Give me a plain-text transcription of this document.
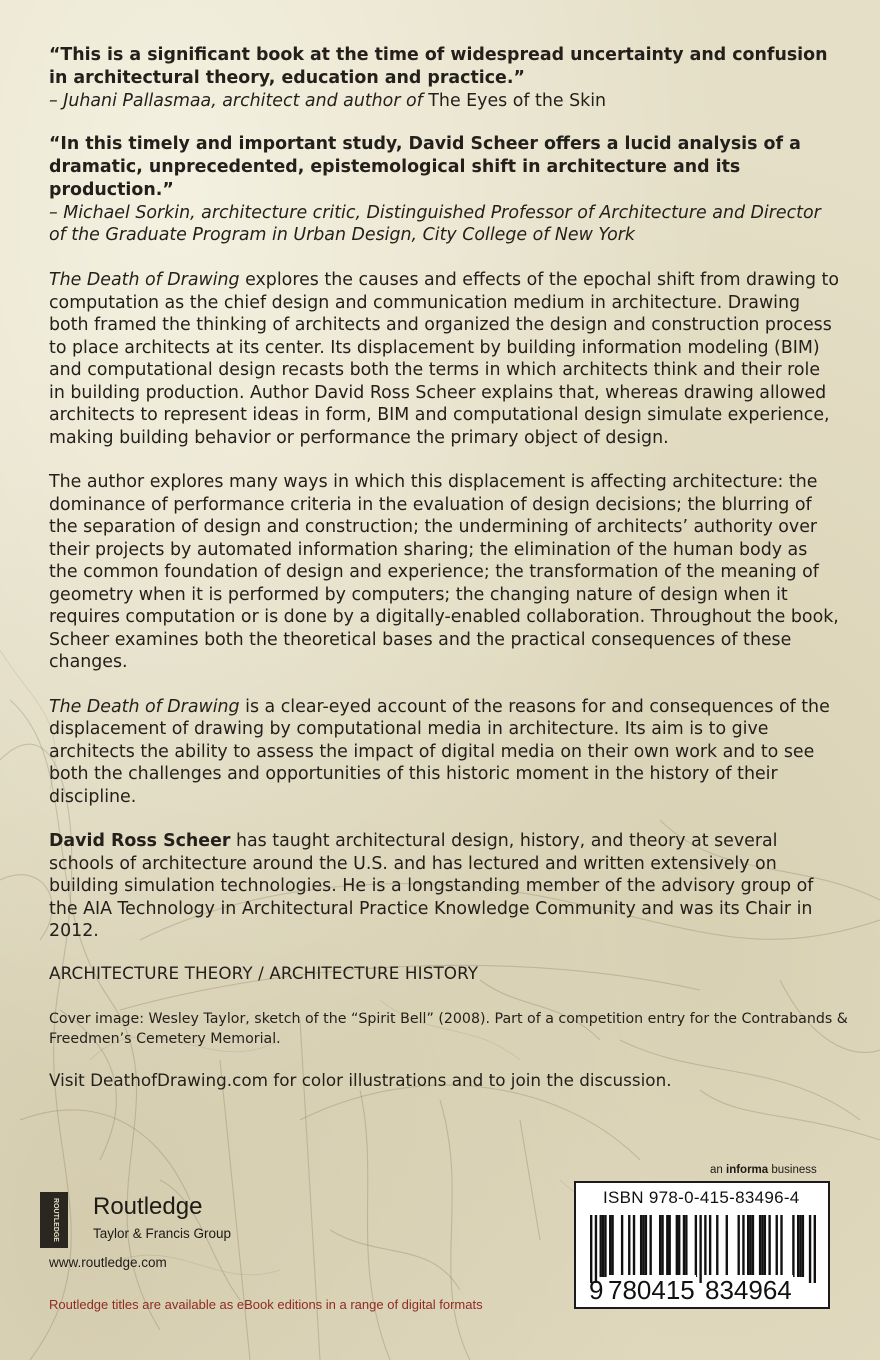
“This is a significant book at the time of widespread uncertainty and confusion in architectural theory, education and practice.”

– Juhani Pallasmaa, architect and author of The Eyes of the Skin

“In this timely and important study, David Scheer offers a lucid analysis of a dramatic, unprecedented, epistemological shift in architecture and its production.”

– Michael Sorkin, architecture critic, Distinguished Professor of Architecture and Director of the Graduate Program in Urban Design, City College of New York

The Death of Drawing explores the causes and effects of the epochal shift from drawing to computation as the chief design and communication medium in architecture. Drawing both framed the thinking of architects and organized the design and construction process to place architects at its center. Its displacement by building information modeling (BIM) and computational design recasts both the terms in which architects think and their role in building production. Author David Ross Scheer explains that, whereas drawing allowed architects to represent ideas in form, BIM and computational design simulate experience, making building behavior or performance the primary object of design.

The author explores many ways in which this displacement is affecting architecture: the dominance of performance criteria in the evaluation of design decisions; the blurring of the separation of design and construction; the undermining of architects’ authority over their projects by automated information sharing; the elimination of the human body as the common foundation of design and experience; the transformation of the meaning of geometry when it is performed by computers; the changing nature of design when it requires computation or is done by a digitally-enabled collaboration. Throughout the book, Scheer examines both the theoretical bases and the practical consequences of these changes.

The Death of Drawing is a clear-eyed account of the reasons for and consequences of the displacement of drawing by computational media in architecture. Its aim is to give architects the ability to assess the impact of digital media on their own work and to see both the challenges and opportunities of this historic moment in the history of their discipline.

David Ross Scheer has taught architectural design, history, and theory at several schools of architecture around the U.S. and has lectured and written extensively on building simulation technologies. He is a longstanding member of the advisory group of the AIA Technology in Architectural Practice Knowledge Community and was its Chair in 2012.

ARCHITECTURE THEORY / ARCHITECTURE HISTORY
Cover image: Wesley Taylor, sketch of the “Spirit Bell” (2008). Part of a competition entry for the Contrabands & Freedmen’s Cemetery Memorial.
Visit DeathofDrawing.com for color illustrations and to join the discussion.
ROUTLEDGE Routledge
Taylor & Francis Group
www.routledge.com
Routledge titles are available as eBook editions in a range of digital formats
an informa business
ISBN 978-0-415-83496-4
9 780415 834964
